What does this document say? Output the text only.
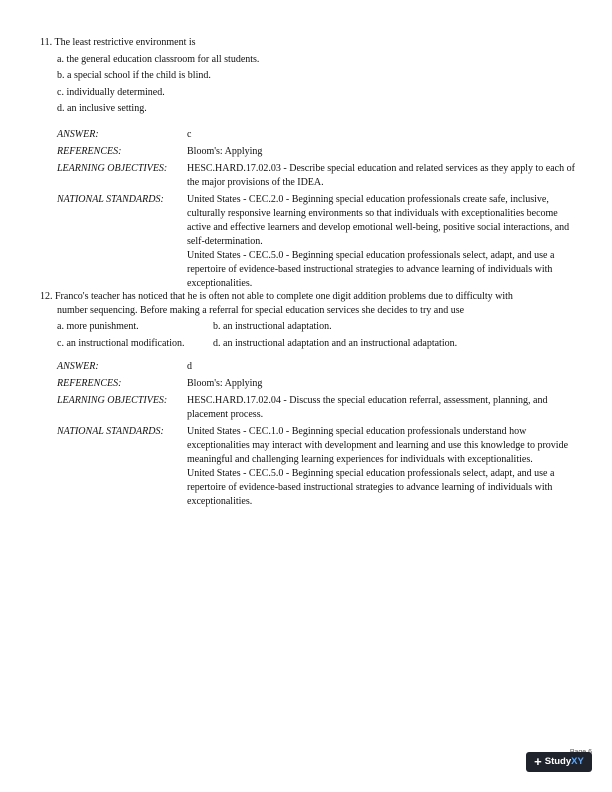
11. The least restrictive environment is
a. the general education classroom for all students.
b. a special school if the child is blind.
c. individually determined.
d. an inclusive setting.
ANSWER:	c
REFERENCES:	Bloom's: Applying
LEARNING OBJECTIVES:	HESC.HARD.17.02.03 - Describe special education and related services as they apply to each of the major provisions of the IDEA.
NATIONAL STANDARDS:	United States - CEC.2.0 - Beginning special education professionals create safe, inclusive, culturally responsive learning environments so that individuals with exceptionalities become active and effective learners and develop emotional well-being, positive social interactions, and self-determination.

United States - CEC.5.0 - Beginning special education professionals select, adapt, and use a repertoire of evidence-based instructional strategies to advance learning of individuals with exceptionalities.

12. Franco's teacher has noticed that he is often not able to complete one digit addition problems due to difficulty with
number sequencing. Before making a referral for special education services she decides to try and use
a. more punishment.	b. an instructional adaptation.
c. an instructional modification.	d. an instructional adaptation and an instructional adaptation.
ANSWER:	d
REFERENCES:	Bloom's: Applying
LEARNING OBJECTIVES:	HESC.HARD.17.02.04 - Discuss the special education referral, assessment, planning, and placement process.
NATIONAL STANDARDS:	United States - CEC.1.0 - Beginning special education professionals understand how exceptionalities may interact with development and learning and use this knowledge to provide meaningful and challenging learning experiences for individuals with exceptionalities.

United States - CEC.5.0 - Beginning special education professionals select, adapt, and use a repertoire of evidence-based instructional strategies to advance learning of individuals with exceptionalities.

+ Study XY
